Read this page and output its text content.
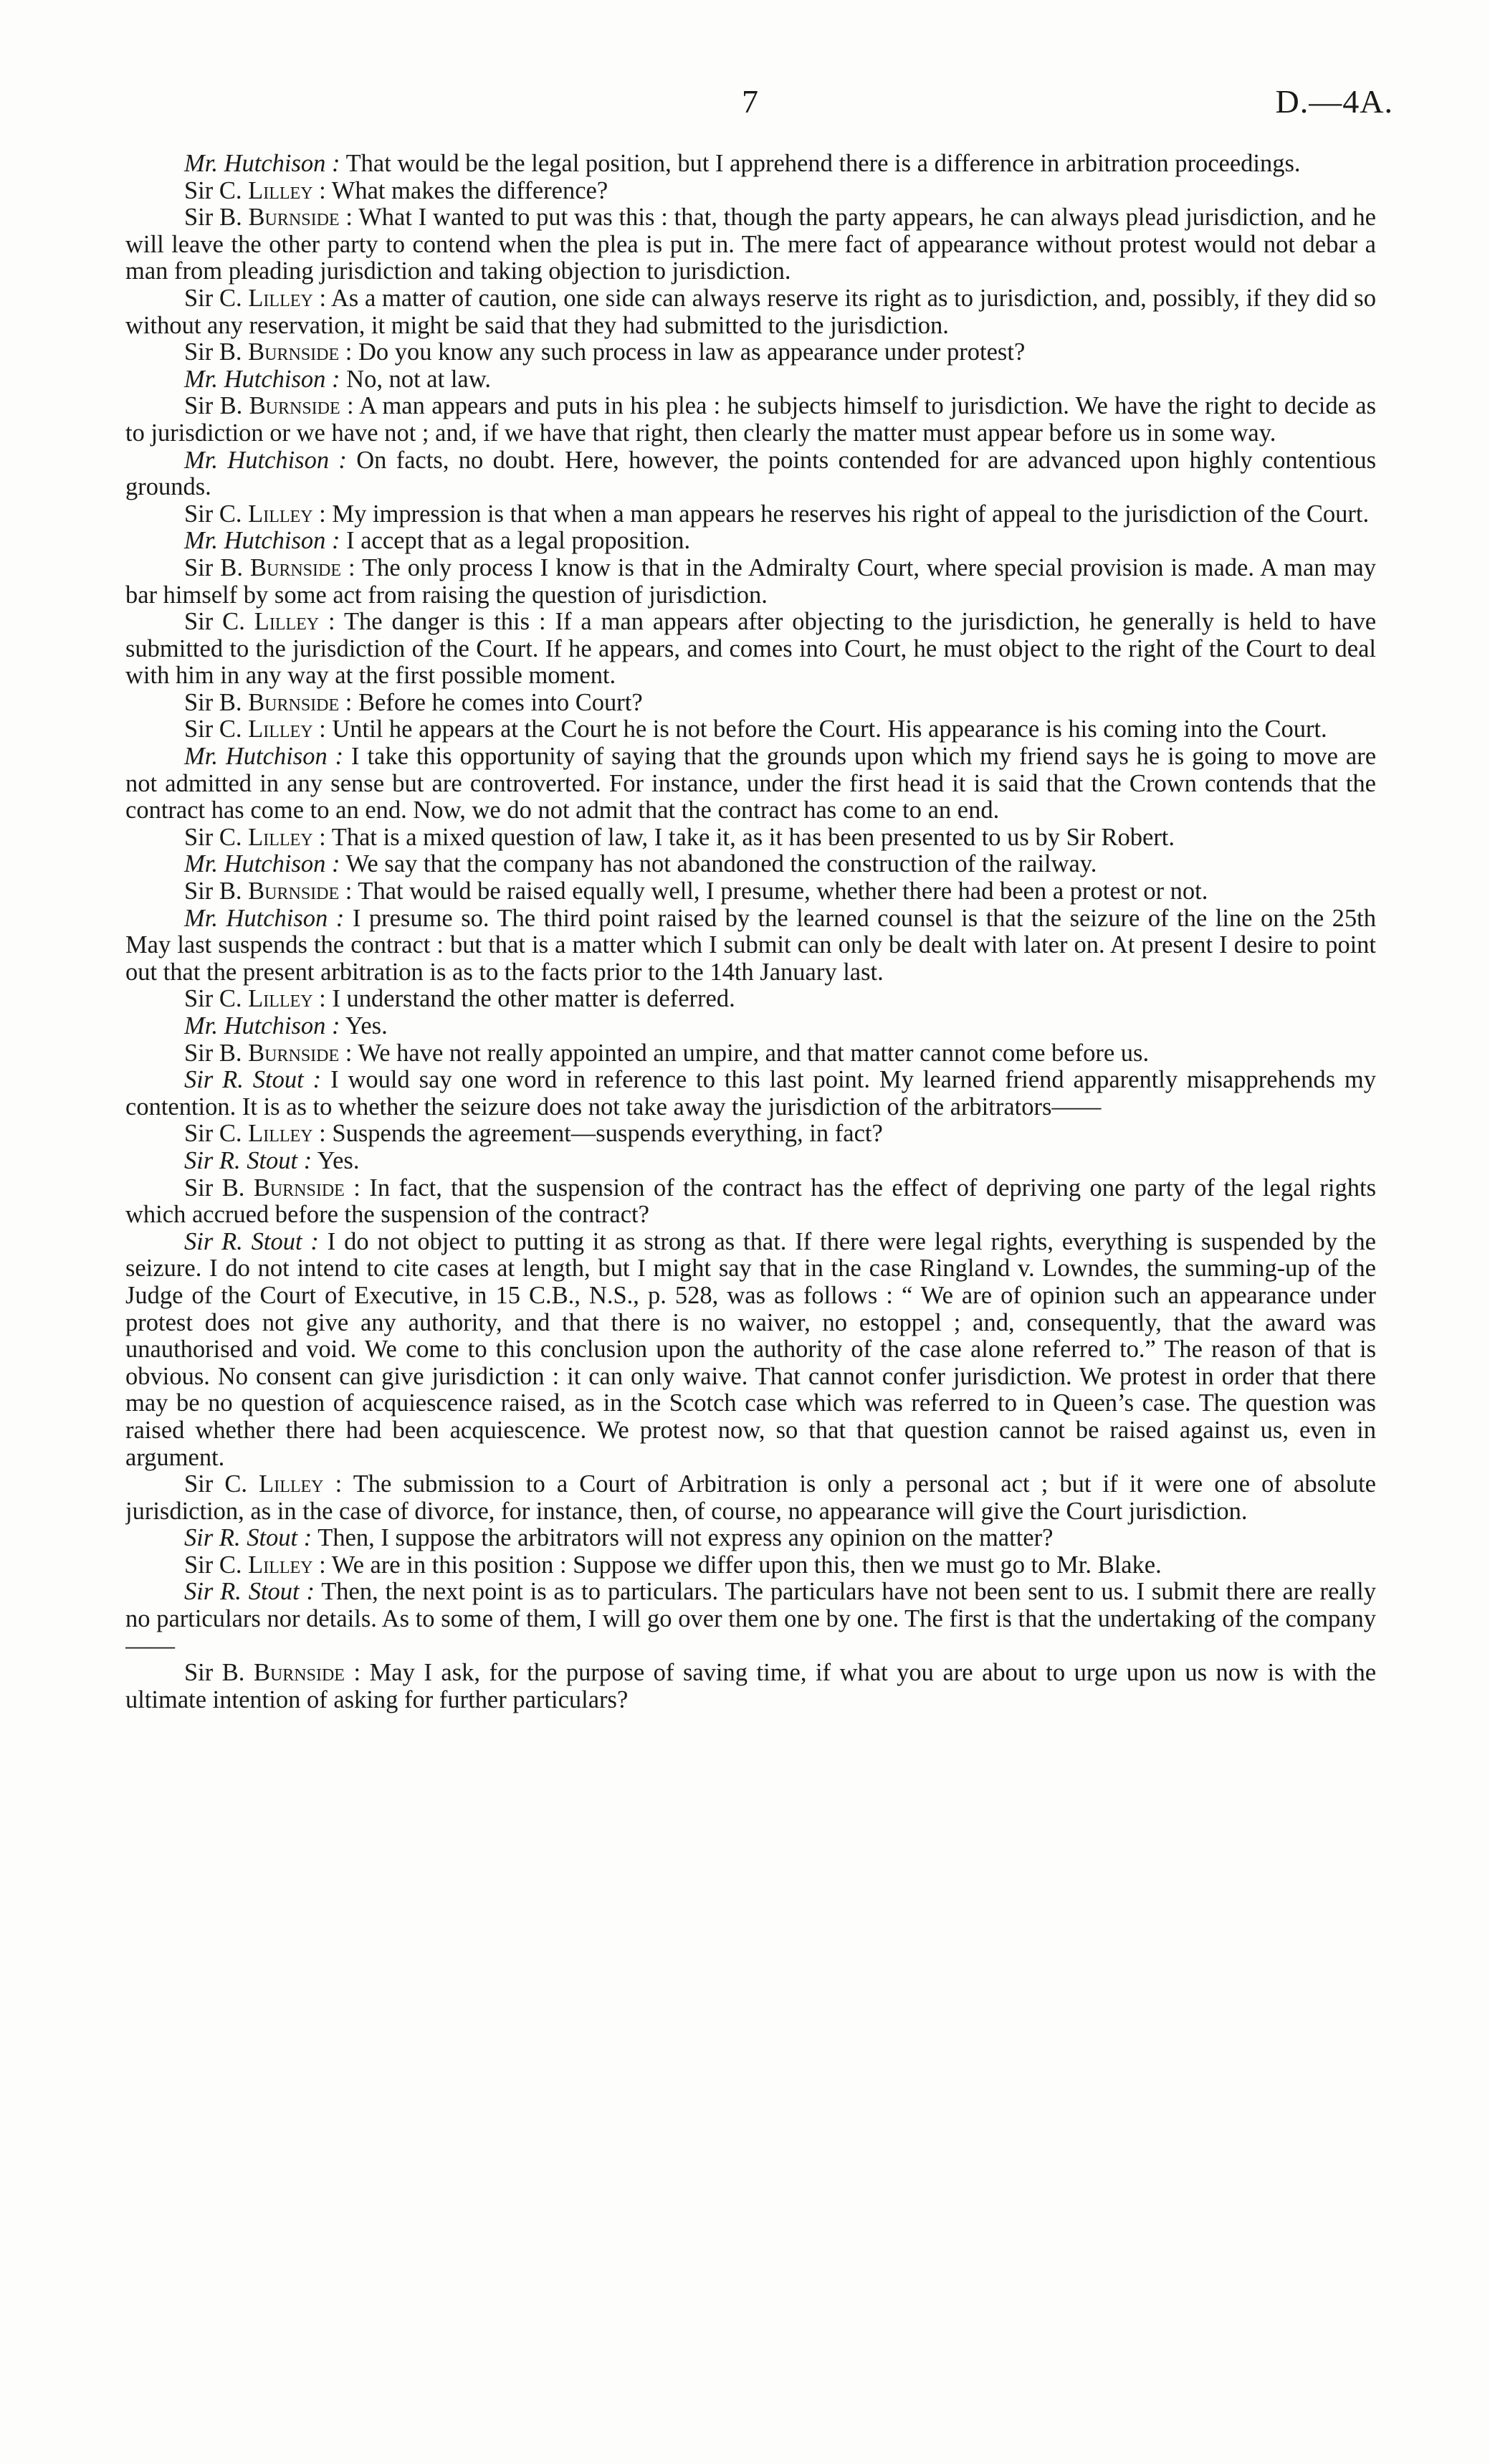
7	D.—4A.

Mr. Hutchison : That would be the legal position, but I apprehend there is a difference in arbitration proceedings.

Sir C. Lilley : What makes the difference?

Sir B. Burnside : What I wanted to put was this : that, though the party appears, he can always plead jurisdiction, and he will leave the other party to contend when the plea is put in. The mere fact of appearance without protest would not debar a man from pleading jurisdiction and taking objection to jurisdiction.

Sir C. Lilley : As a matter of caution, one side can always reserve its right as to jurisdiction, and, possibly, if they did so without any reservation, it might be said that they had submitted to the jurisdiction.

Sir B. Burnside : Do you know any such process in law as appearance under protest?

Mr. Hutchison : No, not at law.

Sir B. Burnside : A man appears and puts in his plea : he subjects himself to jurisdiction. We have the right to decide as to jurisdiction or we have not ; and, if we have that right, then clearly the matter must appear before us in some way.

Mr. Hutchison : On facts, no doubt. Here, however, the points contended for are advanced upon highly contentious grounds.

Sir C. Lilley : My impression is that when a man appears he reserves his right of appeal to the jurisdiction of the Court.

Mr. Hutchison : I accept that as a legal proposition.

Sir B. Burnside : The only process I know is that in the Admiralty Court, where special provision is made. A man may bar himself by some act from raising the question of jurisdiction.

Sir C. Lilley : The danger is this : If a man appears after objecting to the jurisdiction, he generally is held to have submitted to the jurisdiction of the Court. If he appears, and comes into Court, he must object to the right of the Court to deal with him in any way at the first possible moment.

Sir B. Burnside : Before he comes into Court?

Sir C. Lilley : Until he appears at the Court he is not before the Court. His appearance is his coming into the Court.

Mr. Hutchison : I take this opportunity of saying that the grounds upon which my friend says he is going to move are not admitted in any sense but are controverted. For instance, under the first head it is said that the Crown contends that the contract has come to an end. Now, we do not admit that the contract has come to an end.

Sir C. Lilley : That is a mixed question of law, I take it, as it has been presented to us by Sir Robert.

Mr. Hutchison : We say that the company has not abandoned the construction of the railway.

Sir B. Burnside : That would be raised equally well, I presume, whether there had been a protest or not.

Mr. Hutchison : I presume so. The third point raised by the learned counsel is that the seizure of the line on the 25th May last suspends the contract : but that is a matter which I submit can only be dealt with later on. At present I desire to point out that the present arbitration is as to the facts prior to the 14th January last.

Sir C. Lilley : I understand the other matter is deferred.

Mr. Hutchison : Yes.

Sir B. Burnside : We have not really appointed an umpire, and that matter cannot come before us.

Sir R. Stout : I would say one word in reference to this last point. My learned friend apparently misapprehends my contention. It is as to whether the seizure does not take away the jurisdiction of the arbitrators——

Sir C. Lilley : Suspends the agreement—suspends everything, in fact?

Sir R. Stout : Yes.

Sir B. Burnside : In fact, that the suspension of the contract has the effect of depriving one party of the legal rights which accrued before the suspension of the contract?

Sir R. Stout : I do not object to putting it as strong as that. If there were legal rights, everything is suspended by the seizure. I do not intend to cite cases at length, but I might say that in the case Ringland v. Lowndes, the summing-up of the Judge of the Court of Executive, in 15 C.B., N.S., p. 528, was as follows : “ We are of opinion such an appearance under protest does not give any authority, and that there is no waiver, no estoppel ; and, consequently, that the award was unauthorised and void. We come to this conclusion upon the authority of the case alone referred to.” The reason of that is obvious. No consent can give jurisdiction : it can only waive. That cannot confer jurisdiction. We protest in order that there may be no question of acquiescence raised, as in the Scotch case which was referred to in Queen’s case. The question was raised whether there had been acquiescence. We protest now, so that that question cannot be raised against us, even in argument.

Sir C. Lilley : The submission to a Court of Arbitration is only a personal act ; but if it were one of absolute jurisdiction, as in the case of divorce, for instance, then, of course, no appearance will give the Court jurisdiction.

Sir R. Stout : Then, I suppose the arbitrators will not express any opinion on the matter?

Sir C. Lilley : We are in this position : Suppose we differ upon this, then we must go to Mr. Blake.

Sir R. Stout : Then, the next point is as to particulars. The particulars have not been sent to us. I submit there are really no particulars nor details. As to some of them, I will go over them one by one. The first is that the undertaking of the company——

Sir B. Burnside : May I ask, for the purpose of saving time, if what you are about to urge upon us now is with the ultimate intention of asking for further particulars?
